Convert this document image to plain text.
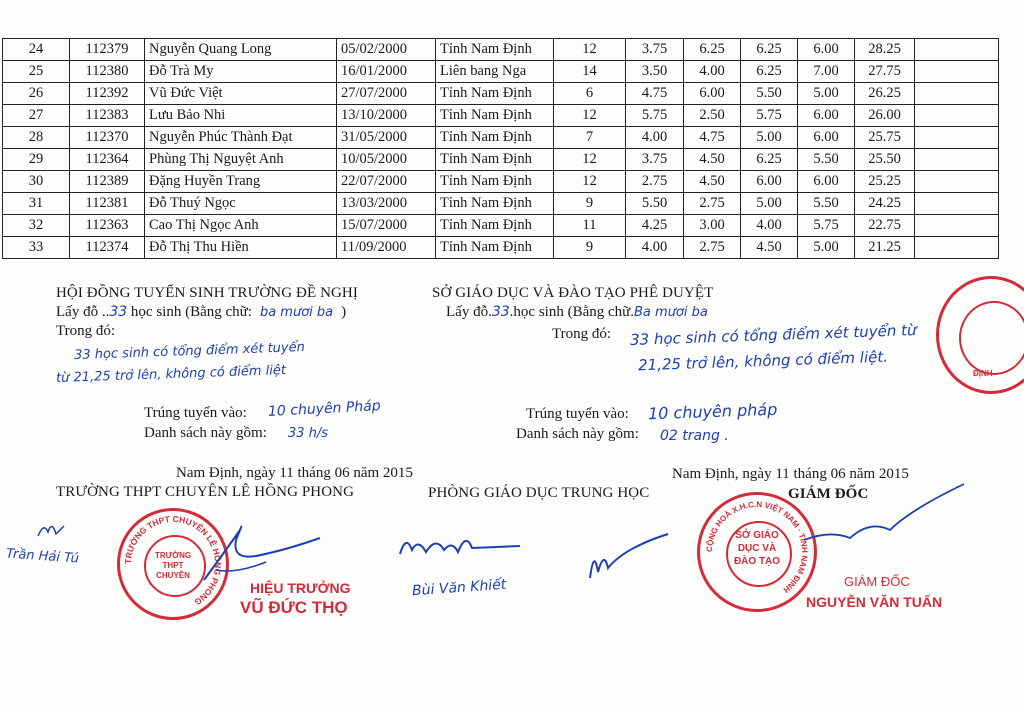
24	112379	Nguyễn Quang Long	05/02/2000	Tỉnh Nam Định	12	3.75	6.25	6.25	6.00	28.25	
25	112380	Đỗ Trà My	16/01/2000	Liên bang Nga	14	3.50	4.00	6.25	7.00	27.75	
26	112392	Vũ Đức Việt	27/07/2000	Tỉnh Nam Định	6	4.75	6.00	5.50	5.00	26.25	
27	112383	Lưu Bảo Nhi	13/10/2000	Tỉnh Nam Định	12	5.75	2.50	5.75	6.00	26.00	
28	112370	Nguyễn Phúc Thành Đạt	31/05/2000	Tỉnh Nam Định	7	4.00	4.75	5.00	6.00	25.75	
29	112364	Phùng Thị Nguyệt Anh	10/05/2000	Tỉnh Nam Định	12	3.75	4.50	6.25	5.50	25.50	
30	112389	Đặng Huyền Trang	22/07/2000	Tỉnh Nam Định	12	2.75	4.50	6.00	6.00	25.25	
31	112381	Đỗ Thuý Ngọc	13/03/2000	Tỉnh Nam Định	9	5.50	2.75	5.00	5.50	24.25	
32	112363	Cao Thị Ngọc Anh	15/07/2000	Tỉnh Nam Định	11	4.25	3.00	4.00	5.75	22.75	
33	112374	Đỗ Thị Thu Hiền	11/09/2000	Tỉnh Nam Định	9	4.00	2.75	4.50	5.00	21.25	
HỘI ĐỒNG TUYỂN SINH TRƯỜNG ĐỀ NGHỊ
Lấy đỗ ..33 học sinh (Bằng chữ: ba mươi ba )
Trong đó:
33 học sinh có tổng điểm xét tuyển
từ 21,25 trở lên, không có điểm liệt
Trúng tuyển vào: 10 chuyên Pháp
Danh sách này gồm: 33 h/s
SỞ GIÁO DỤC VÀ ĐÀO TẠO PHÊ DUYỆT
Lấy đỗ.33.học sinh (Bằng chữ.Ba mươi ba
Trong đó: 33 học sinh có tổng điểm xét tuyển từ
21,25 trở lên, không có điểm liệt.
Trúng tuyển vào: 10 chuyên pháp
Danh sách này gồm: 02 trang .
Nam Định, ngày 11 tháng 06 năm 2015	Nam Định, ngày 11 tháng 06 năm 2015
TRƯỜNG THPT CHUYÊN LÊ HỒNG PHONG	PHÒNG GIÁO DỤC TRUNG HỌC	GIÁM ĐỐC
Trần Hải Tú	TRƯỜNG THPT CHUYÊN LÊ HỒNG PHONG
TRƯỜNG
THPT
CHUYÊN
HIỆU TRƯỞNG
VŨ ĐỨC THỌ
Bùi Văn Khiết
CỘNG HOÀ X.H.C.N VIỆT NAM · TỈNH NAM ĐỊNH
SỞ GIÁO DỤC VÀ ĐÀO TẠO
GIÁM ĐỐC
NGUYỄN VĂN TUẤN
ĐỊNH
